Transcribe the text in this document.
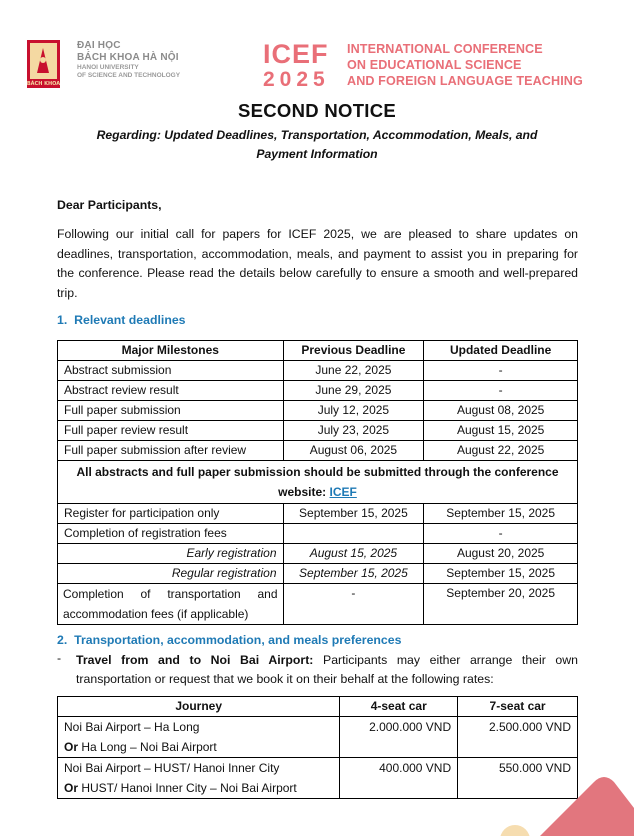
BÁCH KHOA
ĐẠI HỌC
BÁCH KHOA HÀ NỘI
HANOI UNIVERSITY
OF SCIENCE AND TECHNOLOGY
ICEF
2025
INTERNATIONAL CONFERENCE
ON EDUCATIONAL SCIENCE
AND FOREIGN LANGUAGE TEACHING
SECOND NOTICE
Regarding: Updated Deadlines, Transportation, Accommodation, Meals, and Payment Information
Dear Participants,
Following our initial call for papers for ICEF 2025, we are pleased to share updates on deadlines, transportation, accommodation, meals, and payment to assist you in preparing for the conference. Please read the details below carefully to ensure a smooth and well-prepared trip.
1. Relevant deadlines
Major Milestones	Previous Deadline	Updated Deadline
Abstract submission	June 22, 2025	-
Abstract review result	June 29, 2025	-
Full paper submission	July 12, 2025	August 08, 2025
Full paper review result	July 23, 2025	August 15, 2025
Full paper submission after review	August 06, 2025	August 22, 2025
All abstracts and full paper submission should be submitted through the conference website: ICEF		
Register for participation only	September 15, 2025	September 15, 2025
Completion of registration fees		-
Early registration	August 15, 2025	August 20, 2025
Regular registration	September 15, 2025	September 15, 2025
Completion of transportation and accommodation fees (if applicable)	-	September 20, 2025
2. Transportation, accommodation, and meals preferences
- Travel from and to Noi Bai Airport: Participants may either arrange their own transportation or request that we book it on their behalf at the following rates:
Journey	4-seat car	7-seat car

Noi Bai Airport – Ha Long
Or Ha Long – Noi Bai Airport	2.000.000 VND	2.500.000 VND

Noi Bai Airport – HUST/ Hanoi Inner City
Or HUST/ Hanoi Inner City – Noi Bai Airport	400.000 VND	550.000 VND
